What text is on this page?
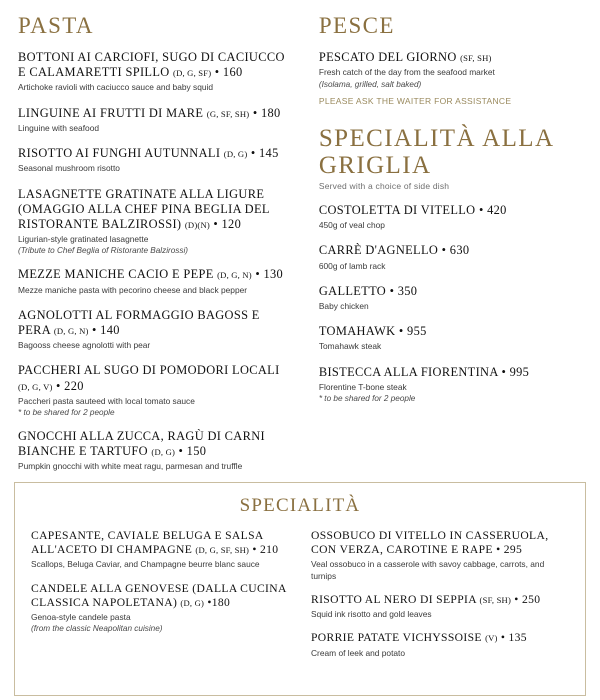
PASTA

BOTTONI AI CARCIOFI, SUGO DI CACIUCCO E CALAMARETTI SPILLO (D, G, SF) • 160

Artichoke ravioli with caciucco sauce and baby squid

LINGUINE AI FRUTTI DI MARE (G, SF, SH) • 180

Linguine with seafood

RISOTTO AI FUNGHI AUTUNNALI (D, G) • 145

Seasonal mushroom risotto

LASAGNETTE GRATINATE ALLA LIGURE (OMAGGIO ALLA CHEF PINA BEGLIA DEL RISTORANTE BALZIROSSI) (D)(N) • 120

Ligurian-style gratinated lasagnette

(Tribute to Chef Beglia of Ristorante Balzirossi)

MEZZE MANICHE CACIO E PEPE (D, G, N) • 130

Mezze maniche pasta with pecorino cheese and black pepper

AGNOLOTTI AL FORMAGGIO BAGOSS E PERA (D, G, N) • 140

Bagooss cheese agnolotti with pear

PACCHERI AL SUGO DI POMODORI LOCALI (D, G, V) • 220

Paccheri pasta sauteed with local tomato sauce

* to be shared for 2 people

GNOCCHI ALLA ZUCCA, RAGÙ DI CARNI BIANCHE E TARTUFO (D, G) • 150

Pumpkin gnocchi with white meat ragu, parmesan and truffle

PESCE

PESCATO DEL GIORNO (SF, SH)

Fresh catch of the day from the seafood market

(Isolama, grilled, salt baked)

PLEASE ASK THE WAITER FOR ASSISTANCE

SPECIALITÀ ALLA GRIGLIA

Served with a choice of side dish

COSTOLETTA DI VITELLO • 420

450g of veal chop

CARRÈ D'AGNELLO • 630

600g of lamb rack

GALLETTO • 350

Baby chicken

TOMAHAWK • 955

Tomahawk steak

BISTECCA ALLA FIORENTINA • 995

Florentine T-bone steak

* to be shared for 2 people

SPECIALITÀ

CAPESANTE, CAVIALE BELUGA E SALSA ALL'ACETO DI CHAMPAGNE (D, G, SF, SH) • 210

Scallops, Beluga Caviar, and Champagne beurre blanc sauce

CANDELE ALLA GENOVESE (DALLA CUCINA CLASSICA NAPOLETANA) (D, G) •180

Genoa-style candele pasta

(from the classic Neapolitan cuisine)

OSSOBUCO DI VITELLO IN CASSERUOLA, CON VERZA, CAROTINE E RAPE • 295

Veal ossobuco in a casserole with savoy cabbage, carrots, and turnips

RISOTTO AL NERO DI SEPPIA (SF, SH) • 250

Squid ink risotto and gold leaves

PORRIE PATATE VICHYSSOISE (V) • 135

Cream of leek and potato
